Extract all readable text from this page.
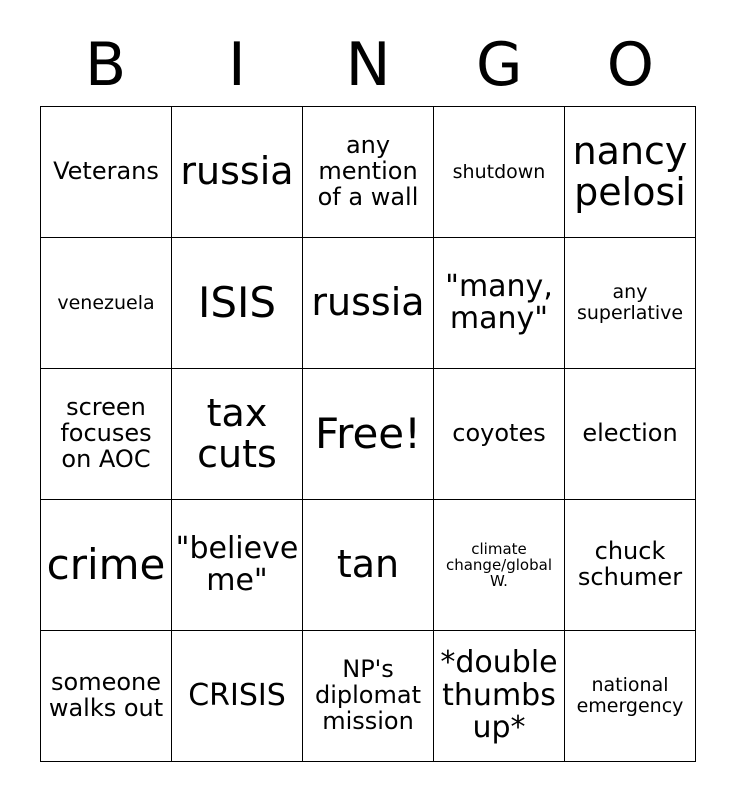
B	I	N	G	O
Veterans	russia	any mention of a wall	shutdown	nancy pelosi
venezuela	ISIS	russia	"many, many"	any superlative
screen focuses on AOC	tax cuts	Free!	coyotes	election
crime	"believe me"	tan	climate change/global W.	chuck schumer
someone walks out	CRISIS	NP's diplomat mission	*double thumbs up*	national emergency
